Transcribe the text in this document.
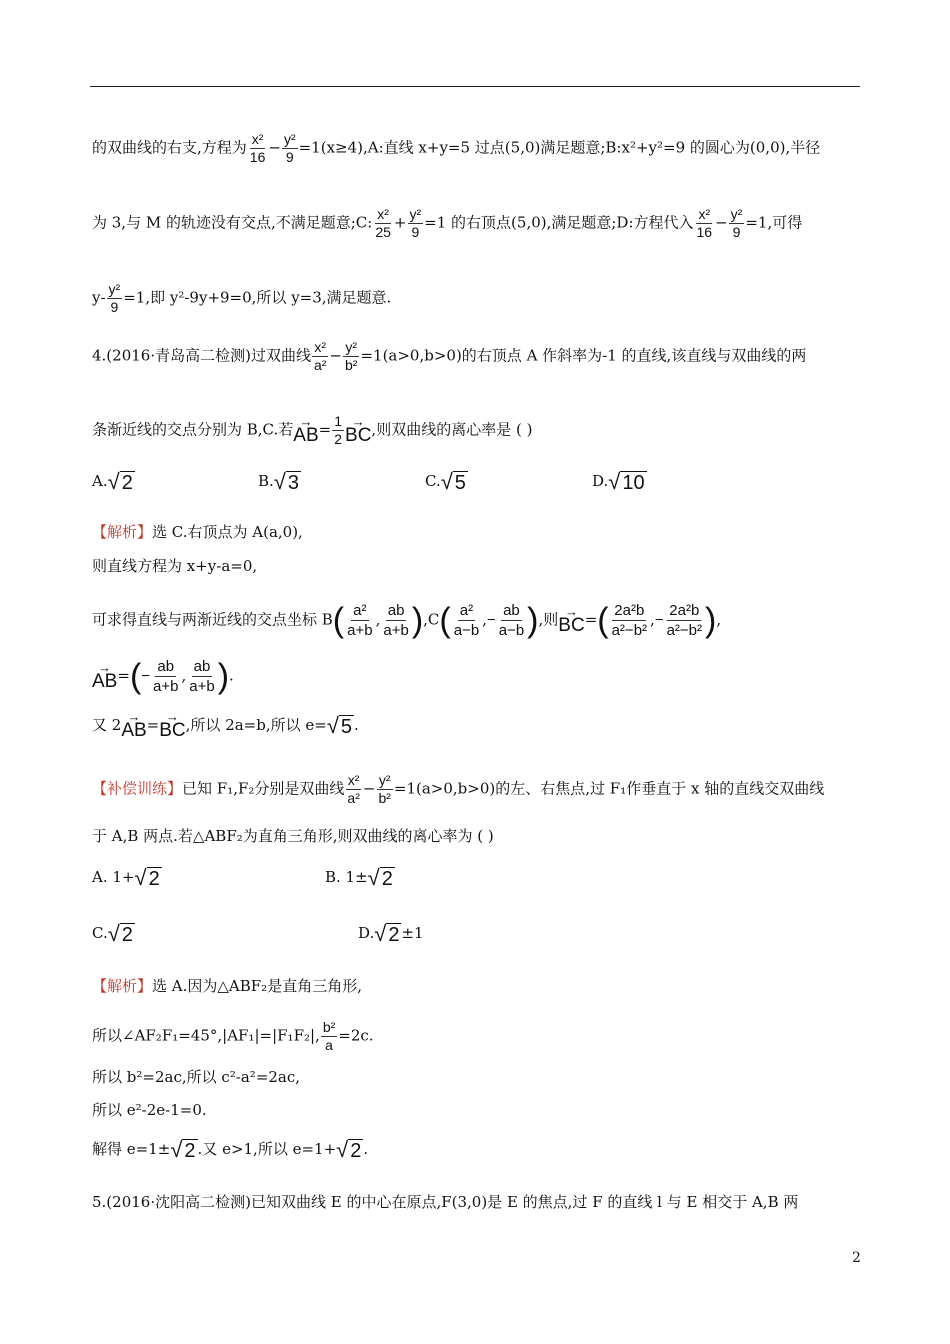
的双曲线的右支,方程为 $\frac{\text{x²}}{16} - \frac{\text{y²}}{9} =1(x\ge 4),A$:直线 x+y=5 过点(5,0)满足题意;B:x²+y²=9 的圆心为(0,0),半径
为 3,与 M 的轨迹没有交点,不满足题意;C: $\frac{\text{x²}}{25} + \frac{\text{y²}}{9} =1$ 的右顶点(5,0),满足题意;D:方程代入 $\frac{\text{x²}}{16} - \frac{\text{y²}}{9} =1$,可得
$y- \frac{\text{y²}}{9} =1$,即 y²-9y+9=0,所以 y=3,满足题意.
4.(2016·青岛高二检测)过双曲线 $\frac{\text{x²}}{\text{a²}} - \frac{\text{y²}}{\text{b²}} =1(a>0,b>0)$的右顶点 A 作斜率为-1 的直线,该直线与双曲线的两
条渐近线的交点分别为 B,C.若 →
AB = $\frac{1}{2}$ →
BC ,则双曲线的离心率是 ( )
A. √ 2	B. √ 3	C. √ 5	D. √ 10
【解析】选 C.右顶点为 A(a,0),
则直线方程为 x+y-a=0,
可求得直线与两渐近线的交点坐标 $B( \frac{\text{a²}}{a+b}$ , $\frac{ab}{a+b} ),C( \frac{\text{a²}}{a-b}$ ,− $\frac{ab}{a-b}$ ),则 →
BC =( $\frac{\text{2a²b}}{\text{a²−b²}}$ ,− $\frac{\text{2a²b}}{\text{a²−b²}}$ ),
→
AB =(− $\frac{ab}{a+b}$ , $\frac{ab}{a+b}$ ).
又 2 →
AB = →
BC ,所以 2a=b,所以 e= √ 5 .
【补偿训练】已知 F₁,F₂分别是双曲线 $\frac{\text{x²}}{\text{a²}} - \frac{\text{y²}}{\text{b²}} =1(a>0,b>0)$的左、右焦点,过 F₁作垂直于 x 轴的直线交双曲线
于 A,B 两点.若△ABF₂为直角三角形,则双曲线的离心率为 ( )
A. 1+ √ 2	B. 1± √ 2
C. √ 2	D. √ 2 ±1
【解析】选 A.因为△ABF₂是直角三角形,
所以∠AF₂F₁=45°,|AF₁|=|F₁F₂|, $\frac{\text{b²}}{a} =2c$.
所以 b²=2ac,所以 c²-a²=2ac,
所以 e²-2e-1=0.
解得 e=1± √ 2 .又 e>1,所以 e=1+ √ 2 .
5.(2016·沈阳高二检测)已知双曲线 E 的中心在原点,F(3,0)是 E 的焦点,过 F 的直线 l 与 E 相交于 A,B 两
2
